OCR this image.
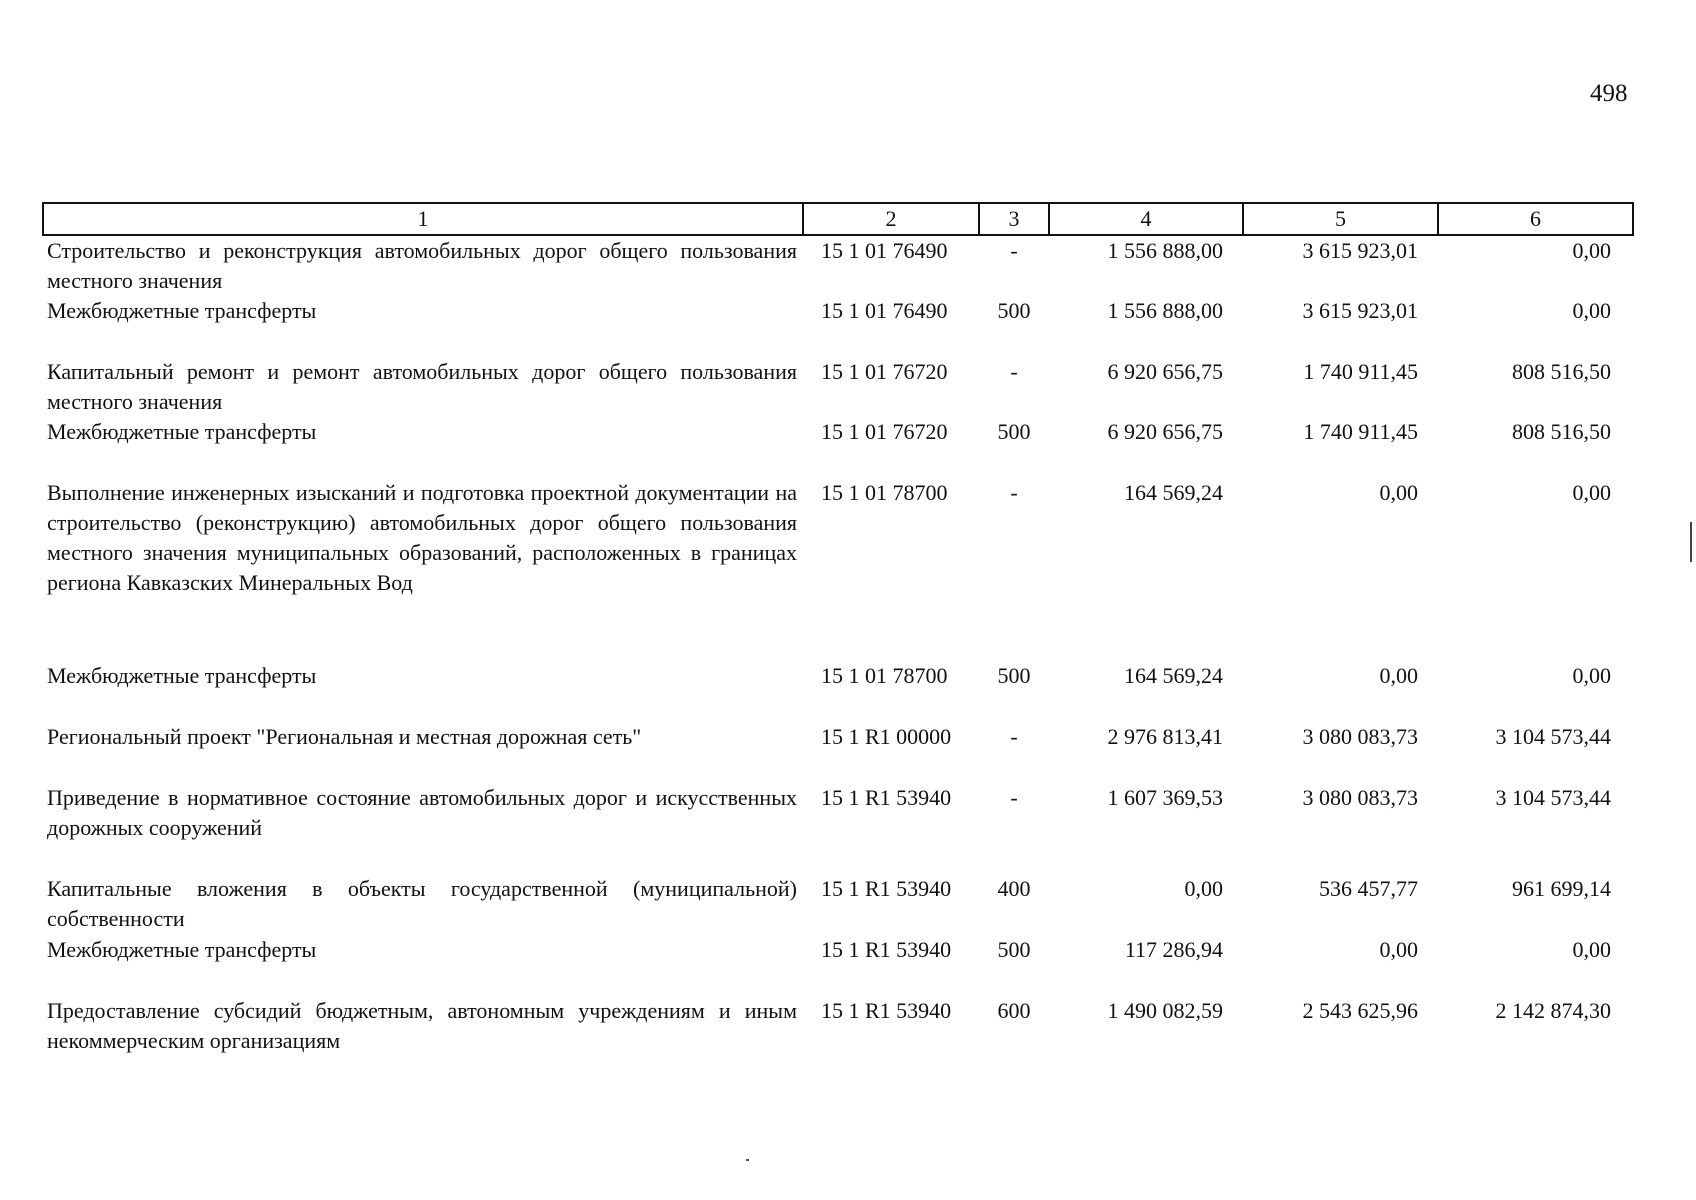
498
1	2	3	4	5	6
Строительство и реконструкция автомобильных дорог общего пользования местного значения	15 1 01 76490	-	1 556 888,00	3 615 923,01	0,00
Межбюджетные трансферты	15 1 01 76490	500	1 556 888,00	3 615 923,01	0,00
Капитальный ремонт и ремонт автомобильных дорог общего пользования местного значения	15 1 01 76720	-	6 920 656,75	1 740 911,45	808 516,50
Межбюджетные трансферты	15 1 01 76720	500	6 920 656,75	1 740 911,45	808 516,50
Выполнение инженерных изысканий и подготовка проектной документации на строительство (реконструкцию) автомобильных дорог общего пользования местного значения муниципальных образований, расположенных в границах региона Кавказских Минеральных Вод	15 1 01 78700	-	164 569,24	0,00	0,00
Межбюджетные трансферты	15 1 01 78700	500	164 569,24	0,00	0,00
Региональный проект "Региональная и местная дорожная сеть"	15 1 R1 00000	-	2 976 813,41	3 080 083,73	3 104 573,44
Приведение в нормативное состояние автомобильных дорог и искусственных дорожных сооружений	15 1 R1 53940	-	1 607 369,53	3 080 083,73	3 104 573,44
Капитальные вложения в объекты государственной (муниципальной) собственности	15 1 R1 53940	400	0,00	536 457,77	961 699,14
Межбюджетные трансферты	15 1 R1 53940	500	117 286,94	0,00	0,00
Предоставление субсидий бюджетным, автономным учреждениям и иным некоммерческим организациям	15 1 R1 53940	600	1 490 082,59	2 543 625,96	2 142 874,30
